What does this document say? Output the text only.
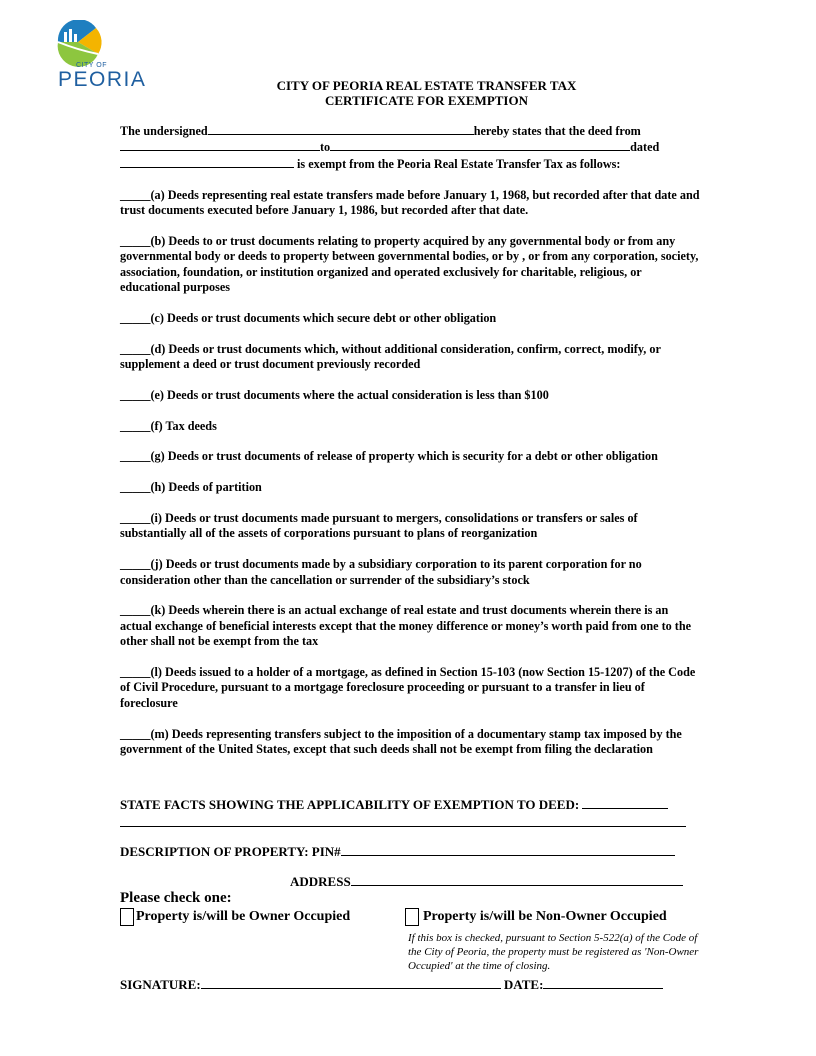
CITY OF
PEORIA	CITY OF PEORIA REAL ESTATE TRANSFER TAX
CERTIFICATE FOR EXEMPTION
The undersigned	hereby states that the deed from
to	dated
is exempt from the Peoria Real Estate Transfer Tax as follows:
_____(a) Deeds representing real estate transfers made before January 1, 1968, but recorded after that date and trust documents executed before January 1, 1986, but recorded after that date.
_____(b) Deeds to or trust documents relating to property acquired by any governmental body or from any governmental body or deeds to property between governmental bodies, or by , or from any corporation, society, association, foundation, or institution organized and operated exclusively for charitable, religious, or educational purposes
_____(c) Deeds or trust documents which secure debt or other obligation
_____(d) Deeds or trust documents which, without additional consideration, confirm, correct, modify, or supplement a deed or trust document previously recorded
_____(e) Deeds or trust documents where the actual consideration is less than $100
_____(f) Tax deeds
_____(g) Deeds or trust documents of release of property which is security for a debt or other obligation
_____(h) Deeds of partition
_____(i) Deeds or trust documents made pursuant to mergers, consolidations or transfers or sales of substantially all of the assets of corporations pursuant to plans of reorganization
_____(j) Deeds or trust documents made by a subsidiary corporation to its parent corporation for no consideration other than the cancellation or surrender of the subsidiary’s stock
_____(k) Deeds wherein there is an actual exchange of real estate and trust documents wherein there is an actual exchange of beneficial interests except that the money difference or money’s worth paid from one to the other shall not be exempt from the tax
_____(l) Deeds issued to a holder of a mortgage, as defined in Section 15-103 (now Section 15-1207) of the Code of Civil Procedure, pursuant to a mortgage foreclosure proceeding or pursuant to a transfer in lieu of foreclosure
_____(m) Deeds representing transfers subject to the imposition of a documentary stamp tax imposed by the government of the United States, except that such deeds shall not be exempt from filing the declaration
STATE FACTS SHOWING THE APPLICABILITY OF EXEMPTION TO DEED:
DESCRIPTION OF PROPERTY: PIN#
ADDRESS
Please check one:
Property is/will be Owner Occupied	Property is/will be Non-Owner Occupied
If this box is checked, pursuant to Section 5-522(a) of the Code of the City of Peoria, the property must be registered as 'Non-Owner Occupied' at the time of closing.
SIGNATURE:	DATE:
